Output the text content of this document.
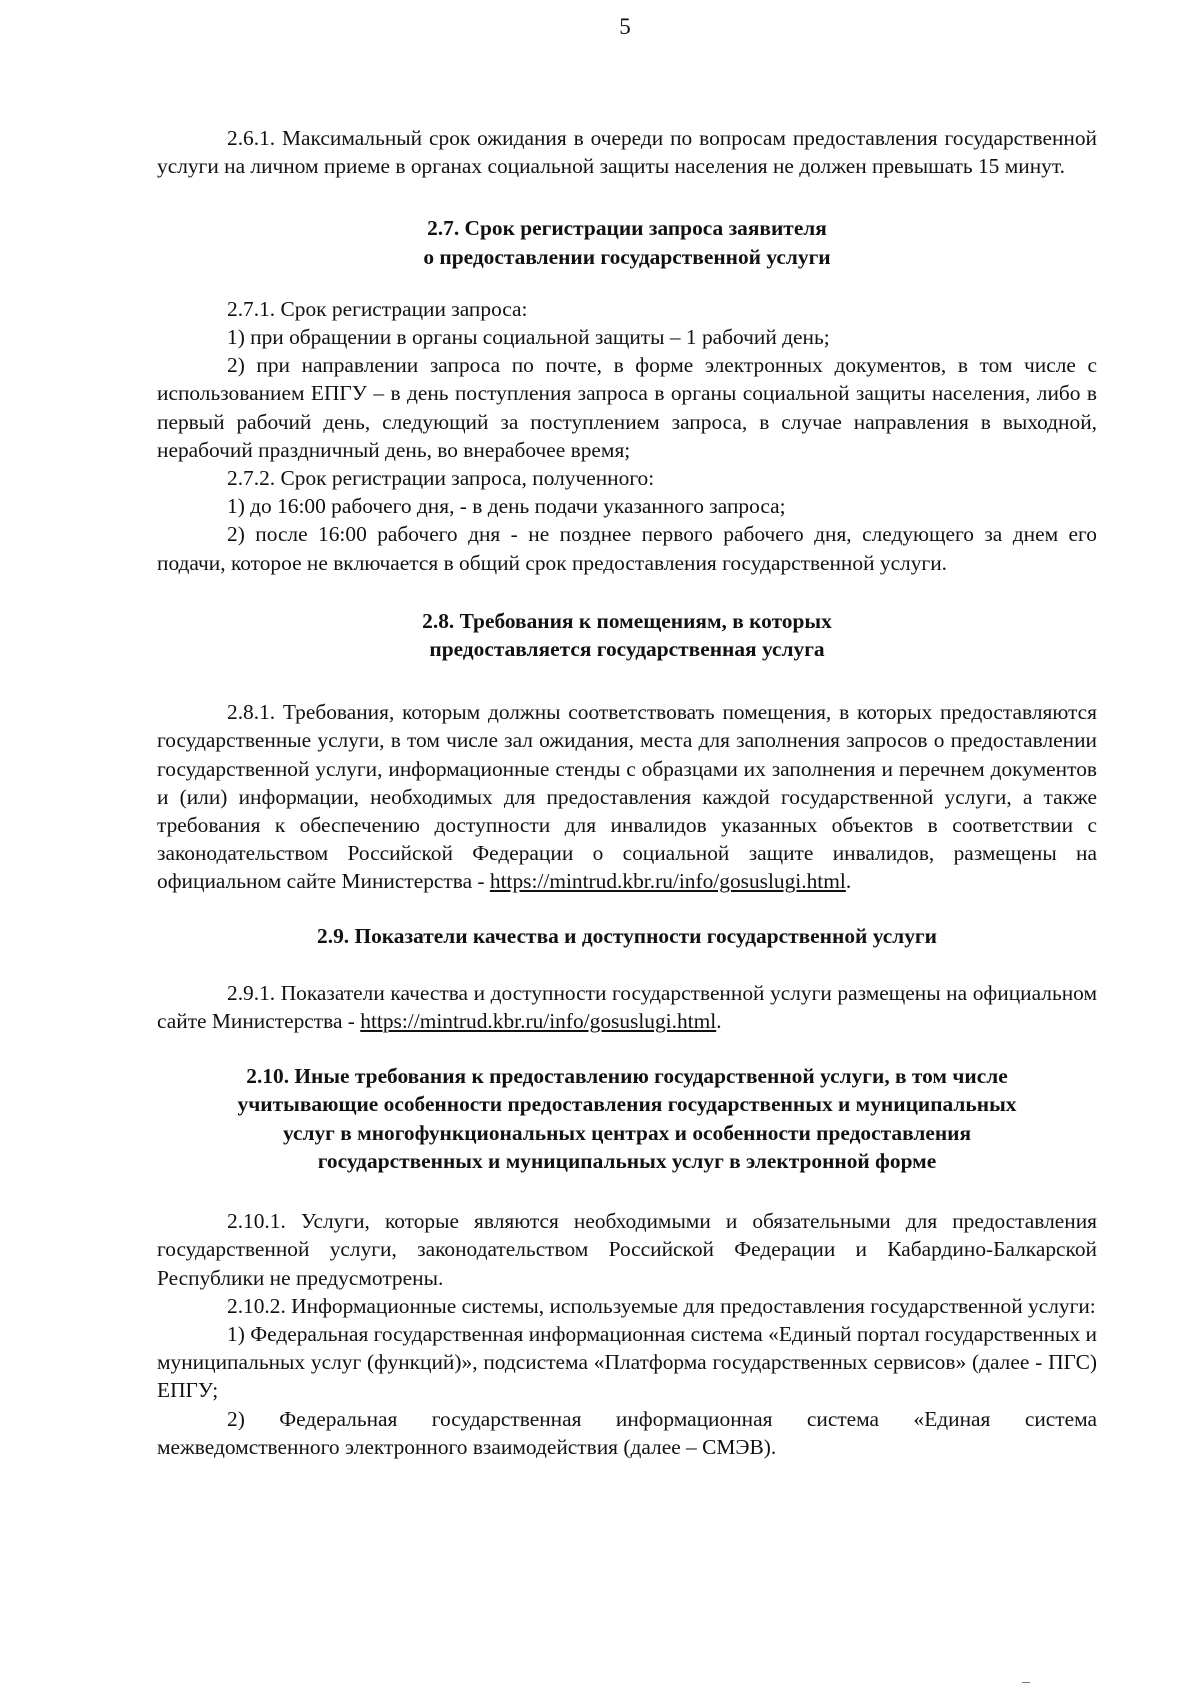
5

2.6.1. Максимальный срок ожидания в очереди по вопросам предоставления государственной услуги на личном приеме в органах социальной защиты населения не должен превышать 15 минут.

2.7. Срок регистрации запроса заявителя
о предоставлении государственной услуги

2.7.1. Срок регистрации запроса:

1) при обращении в органы социальной защиты – 1 рабочий день;

2) при направлении запроса по почте, в форме электронных документов, в том числе с использованием ЕПГУ – в день поступления запроса в органы социальной защиты населения, либо в первый рабочий день, следующий за поступлением запроса, в случае направления в выходной, нерабочий праздничный день, во внерабочее время;

2.7.2. Срок регистрации запроса, полученного:

1) до 16:00 рабочего дня, - в день подачи указанного запроса;

2) после 16:00 рабочего дня - не позднее первого рабочего дня, следующего за днем его подачи, которое не включается в общий срок предоставления государственной услуги.

2.8. Требования к помещениям, в которых
предоставляется государственная услуга

2.8.1. Требования, которым должны соответствовать помещения, в которых предоставляются государственные услуги, в том числе зал ожидания, места для заполнения запросов о предоставлении государственной услуги, информационные стенды с образцами их заполнения и перечнем документов и (или) информации, необходимых для предоставления каждой государственной услуги, а также требования к обеспечению доступности для инвалидов указанных объектов в соответствии с законодательством Российской Федерации о социальной защите инвалидов, размещены на официальном сайте Министерства - https://mintrud.kbr.ru/info/gosuslugi.html.

2.9. Показатели качества и доступности государственной услуги

2.9.1. Показатели качества и доступности государственной услуги размещены на официальном сайте Министерства - https://mintrud.kbr.ru/info/gosuslugi.html.

2.10. Иные требования к предоставлению государственной услуги, в том числе
учитывающие особенности предоставления государственных и муниципальных
услуг в многофункциональных центрах и особенности предоставления
государственных и муниципальных услуг в электронной форме

2.10.1. Услуги, которые являются необходимыми и обязательными для предоставления государственной услуги, законодательством Российской Федерации и Кабардино-Балкарской Республики не предусмотрены.

2.10.2. Информационные системы, используемые для предоставления государственной услуги:

1) Федеральная государственная информационная система «Единый портал государственных и муниципальных услуг (функций)», подсистема «Платформа государственных сервисов» (далее - ПГС) ЕПГУ;

2) Федеральная государственная информационная система «Единая система межведомственного электронного взаимодействия (далее – СМЭВ).
